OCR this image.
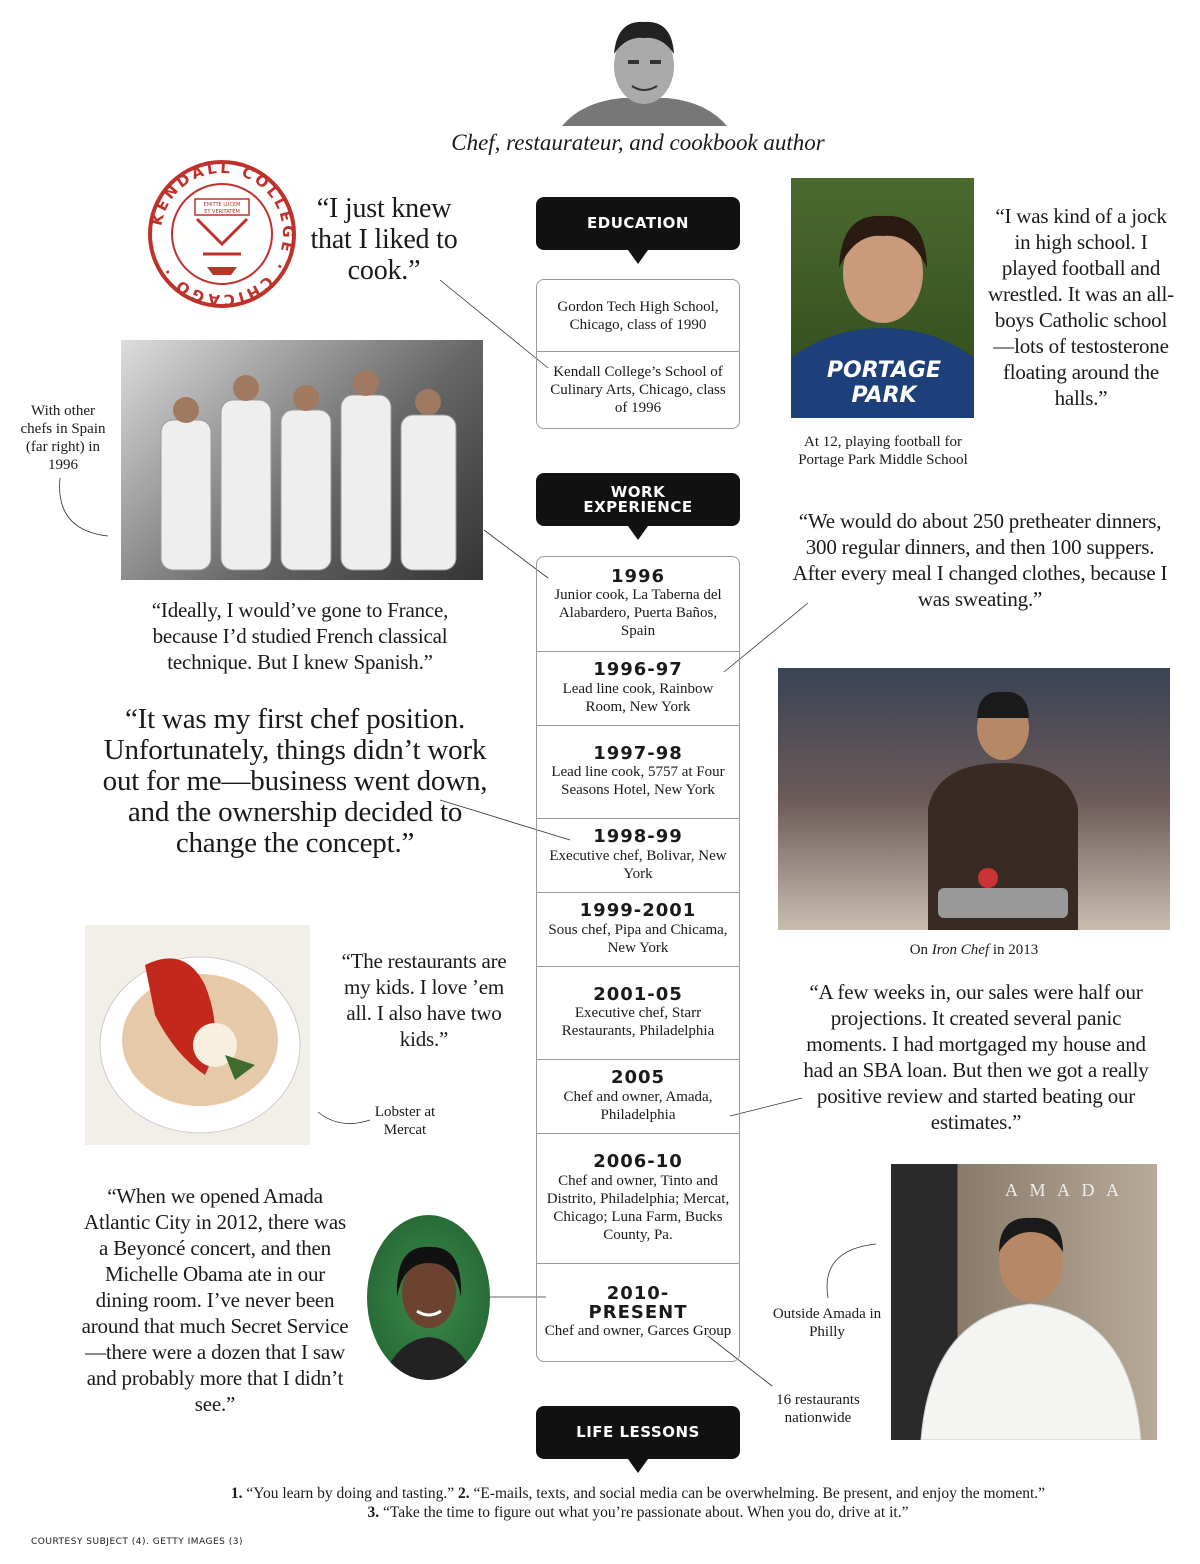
Chef, restaurateur, and cookbook author
KENDALL COLLEGE · CHICAGO ·
EMITTE LUCEM
ET VERITATEM	“I just knew that I liked to cook.”
EDUCATION
Gordon Tech High School, Chicago, class of 1990
Kendall College’s School of Culinary Arts, Chicago, class of 1996
With other chefs in Spain (far right) in 1996
“Ideally, I would’ve gone to France, because I’d studied French classical technique. But I knew Spanish.”
PORTAGE PARK
At 12, playing football for Portage Park Middle School
“I was kind of a jock in high school. I played football and wrestled. It was an all-boys Catholic school—lots of testosterone floating around the halls.”
WORK
EXPERIENCE
1996
Junior cook, La Taberna del Alabardero, Puerta Baños, Spain
1996-97
Lead line cook, Rainbow Room, New York
1997-98
Lead line cook, 5757 at Four Seasons Hotel, New York
1998-99
Executive chef, Bolivar, New York
1999-2001
Sous chef, Pipa and Chicama, New York
2001-05
Executive chef, Starr Restaurants, Philadelphia
2005
Chef and owner, Amada, Philadelphia
2006-10
Chef and owner, Tinto and Distrito, Philadelphia; Mercat, Chicago; Luna Farm, Bucks County, Pa.
2010-PRESENT
Chef and owner, Garces Group
“We would do about 250 pretheater dinners, 300 regular dinners, and then 100 suppers. After every meal I changed clothes, because I was sweating.”
“It was my first chef position. Unfortunately, things didn’t work out for me—business went down, and the ownership decided to change the concept.”
On Iron Chef in 2013
“The restaurants are my kids. I love ’em all. I also have two kids.”
Lobster at Mercat
“A few weeks in, our sales were half our projections. It created several panic moments. I had mortgaged my house and had an SBA loan. But then we got a really positive review and started beating our estimates.”
“When we opened Amada Atlantic City in 2012, there was a Beyoncé concert, and then Michelle Obama ate in our dining room. I’ve never been around that much Secret Service—there were a dozen that I saw and probably more that I didn’t see.”
A M A D A
Outside Amada in Philly
16 restaurants nationwide
LIFE LESSONS
1. “You learn by doing and tasting.” 2. “E-mails, texts, and social media can be overwhelming. Be present, and enjoy the moment.”
3. “Take the time to figure out what you’re passionate about. When you do, drive at it.”
COURTESY SUBJECT (4). GETTY IMAGES (3)
